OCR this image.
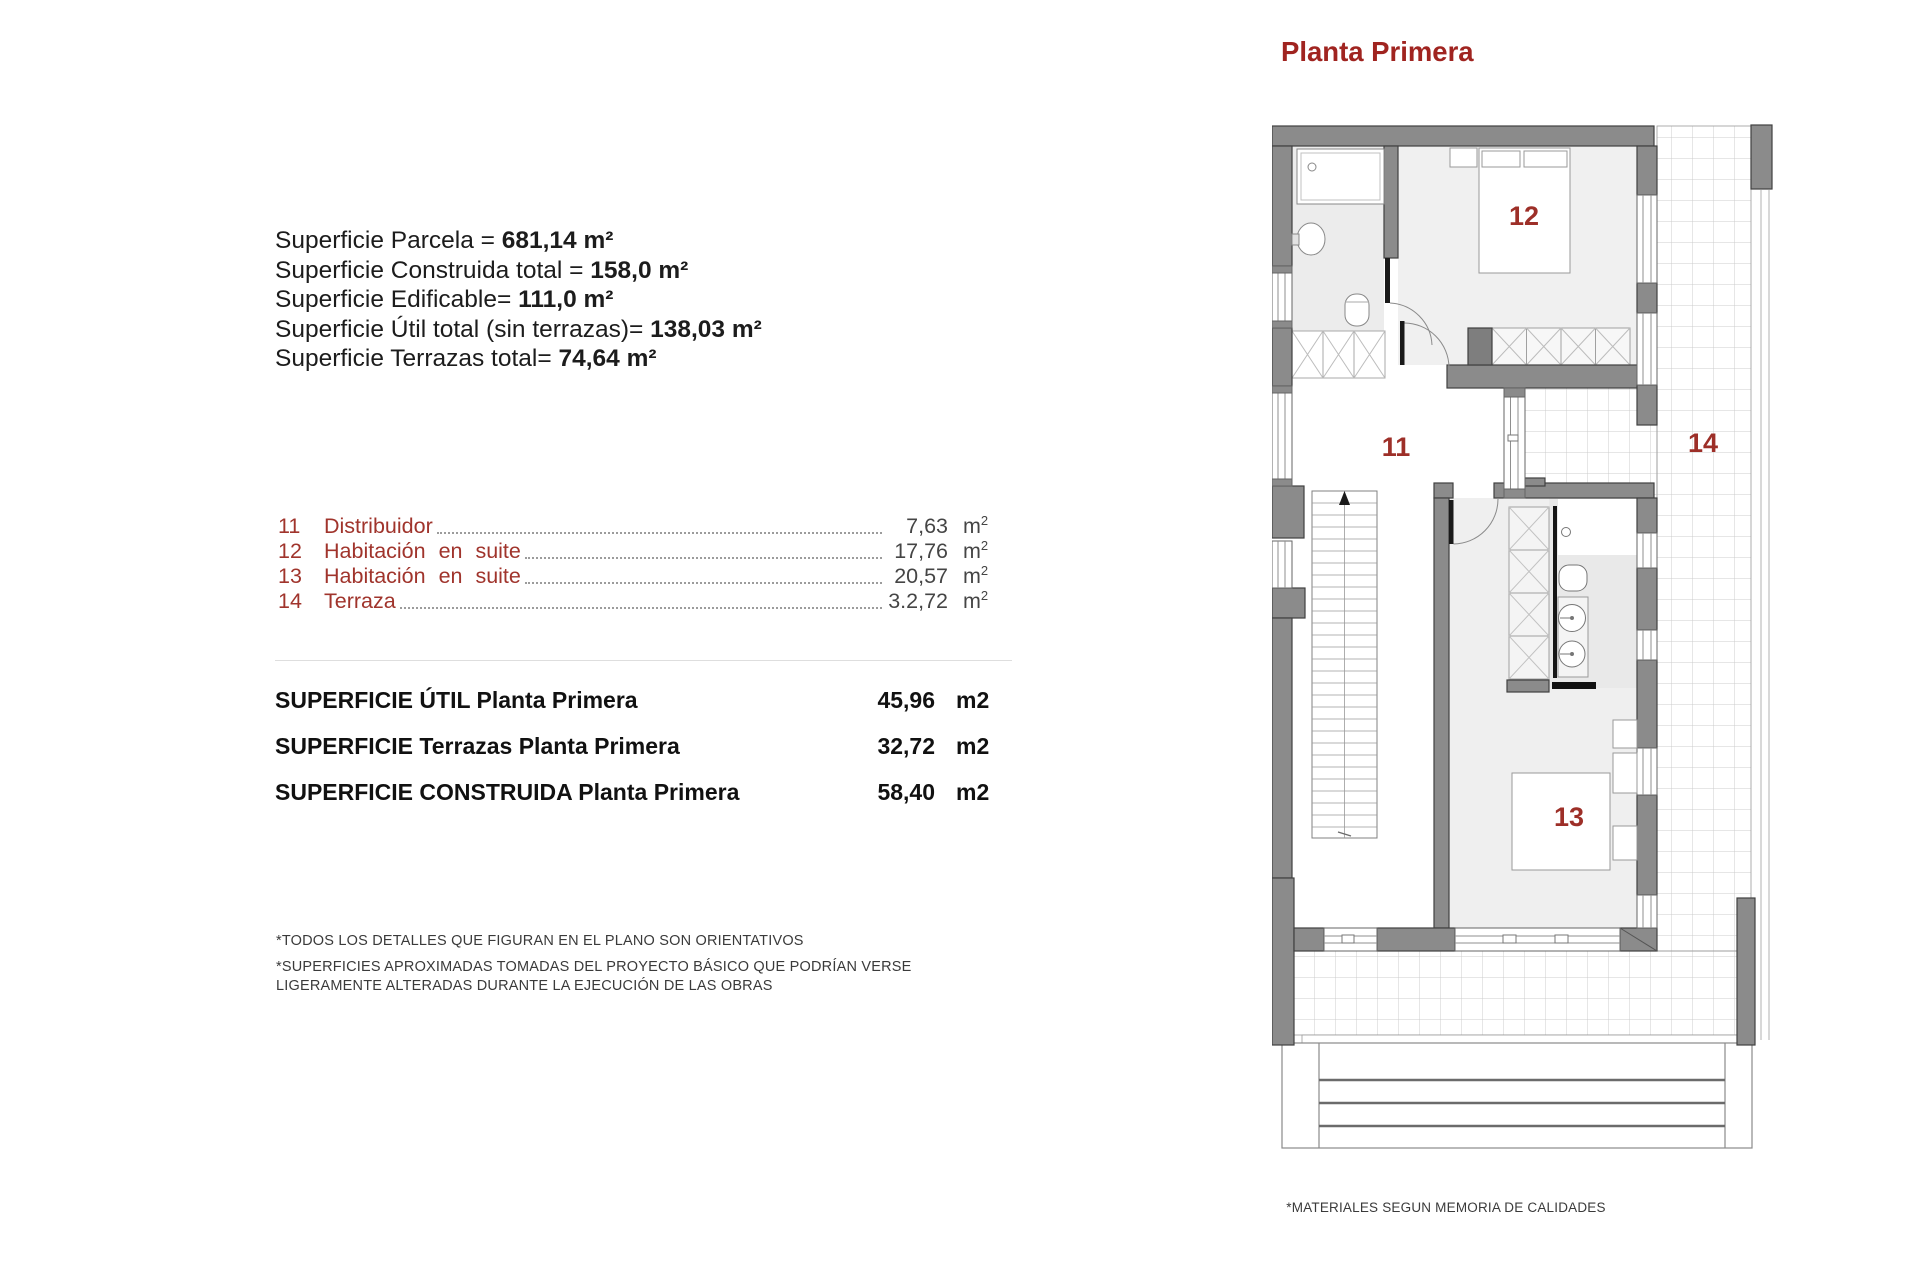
Superficie Parcela = 681,14 m²
Superficie Construida total = 158,0 m²
Superficie Edificable= 111,0 m²
Superficie Útil total (sin terrazas)= 138,03 m²
Superficie Terrazas total= 74,64 m²
11	Distribuidor	7,63 $m^2$
12	Habitación en suite	17,76 $m^2$
13	Habitación en suite	20,57 $m^2$
14	Terraza	3.2,72 $m^2$
SUPERFICIE ÚTIL Planta Primera	45,96 m2
SUPERFICIE Terrazas Planta Primera	32,72 m2
SUPERFICIE CONSTRUIDA Planta Primera	58,40 m2
*TODOS LOS DETALLES QUE FIGURAN EN EL PLANO SON ORIENTATIVOS
*SUPERFICIES APROXIMADAS TOMADAS DEL PROYECTO BÁSICO QUE PODRÍAN VERSE LIGERAMENTE ALTERADAS DURANTE LA EJECUCIÓN DE LAS OBRAS
Planta Primera
12
11	14
13
*MATERIALES SEGUN MEMORIA DE CALIDADES
